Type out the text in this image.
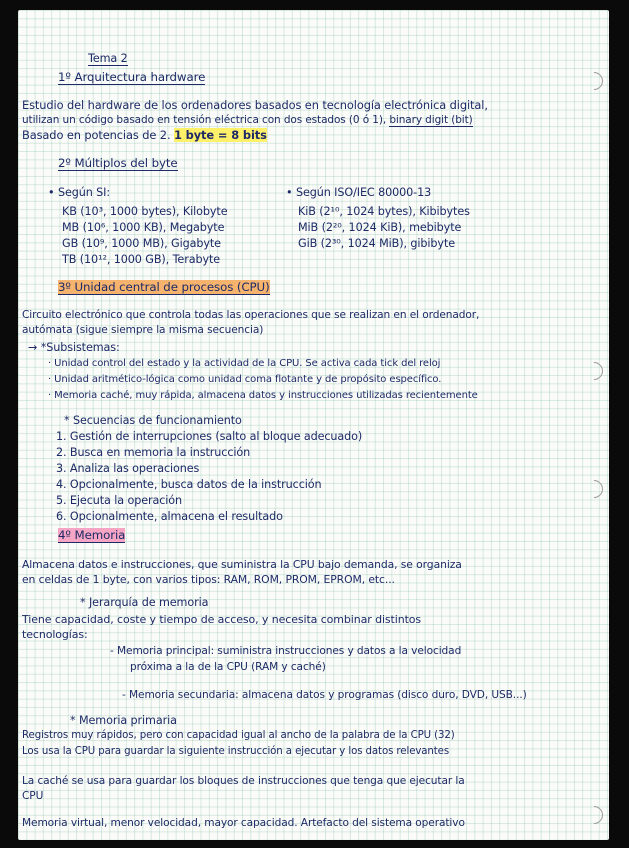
Tema 2
1º Arquitectura hardware
Estudio del hardware de los ordenadores basados en tecnología electrónica digital,
utilizan un código basado en tensión eléctrica con dos estados (0 ó 1), binary digit (bit)
Basado en potencias de 2. 1 byte = 8 bits
2º Múltiplos del byte
• Según SI:
KB (10³, 1000 bytes), Kilobyte
MB (10⁶, 1000 KB), Megabyte
GB (10⁹, 1000 MB), Gigabyte
TB (10¹², 1000 GB), Terabyte
• Según ISO/IEC 80000-13
KiB (2¹⁰, 1024 bytes), Kibibytes
MiB (2²⁰, 1024 KiB), mebibyte
GiB (2³⁰, 1024 MiB), gibibyte
3º Unidad central de procesos (CPU)
Circuito electrónico que controla todas las operaciones que se realizan en el ordenador,
autómata (sigue siempre la misma secuencia)
→ *Subsistemas:
· Unidad control del estado y la actividad de la CPU. Se activa cada tick del reloj
· Unidad aritmético-lógica como unidad coma flotante y de propósito específico.
· Memoria caché, muy rápida, almacena datos y instrucciones utilizadas recientemente
* Secuencias de funcionamiento
1. Gestión de interrupciones (salto al bloque adecuado)
2. Busca en memoria la instrucción
3. Analiza las operaciones
4. Opcionalmente, busca datos de la instrucción
5. Ejecuta la operación
6. Opcionalmente, almacena el resultado
4º Memoria
Almacena datos e instrucciones, que suministra la CPU bajo demanda, se organiza
en celdas de 1 byte, con varios tipos: RAM, ROM, PROM, EPROM, etc...
* Jerarquía de memoria
Tiene capacidad, coste y tiempo de acceso, y necesita combinar distintos
tecnologías:
- Memoria principal: suministra instrucciones y datos a la velocidad
próxima a la de la CPU (RAM y caché)
- Memoria secundaria: almacena datos y programas (disco duro, DVD, USB...)
* Memoria primaria
Registros muy rápidos, pero con capacidad igual al ancho de la palabra de la CPU (32)
Los usa la CPU para guardar la siguiente instrucción a ejecutar y los datos relevantes
La caché se usa para guardar los bloques de instrucciones que tenga que ejecutar la
CPU
Memoria virtual, menor velocidad, mayor capacidad. Artefacto del sistema operativo
